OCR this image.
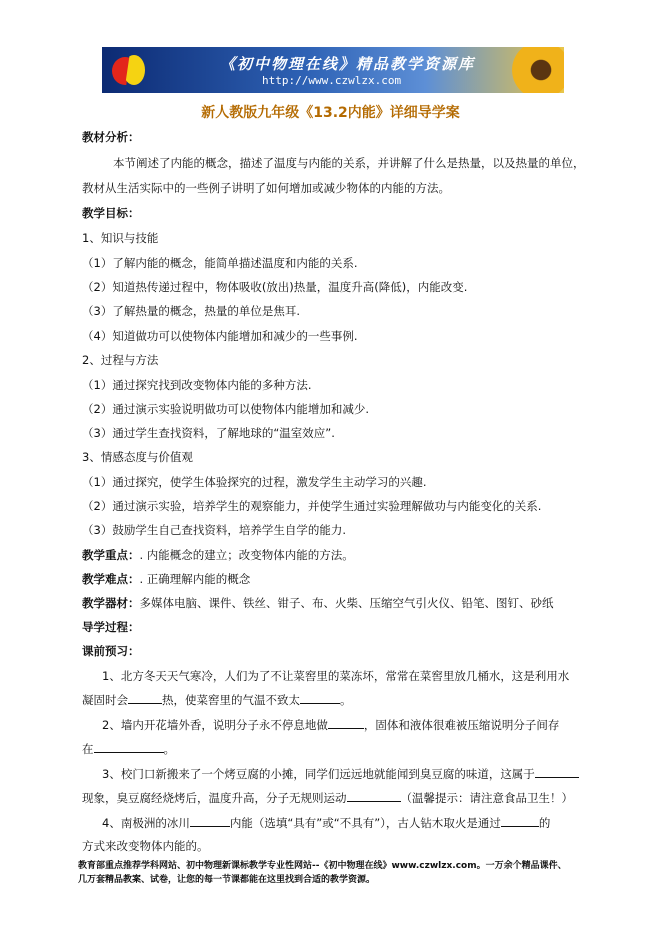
《初中物理在线》精品教学资源库
http://www.czwlzx.com
新人教版九年级《13.2内能》详细导学案
教材分析：
本节阐述了内能的概念，描述了温度与内能的关系，并讲解了什么是热量，以及热量的单位，
教材从生活实际中的一些例子讲明了如何增加或减少物体的内能的方法。
教学目标：
1、知识与技能
（1）了解内能的概念，能简单描述温度和内能的关系.
（2）知道热传递过程中，物体吸收(放出)热量，温度升高(降低)，内能改变.
（3）了解热量的概念，热量的单位是焦耳.
（4）知道做功可以使物体内能增加和减少的一些事例.
2、过程与方法
（1）通过探究找到改变物体内能的多种方法.
（2）通过演示实验说明做功可以使物体内能增加和减少.
（3）通过学生查找资料，了解地球的“温室效应”.
3、情感态度与价值观
（1）通过探究，使学生体验探究的过程，激发学生主动学习的兴趣.
（2）通过演示实验，培养学生的观察能力，并使学生通过实验理解做功与内能变化的关系.
（3）鼓励学生自己查找资料，培养学生自学的能力.
教学重点：. 内能概念的建立；改变物体内能的方法。
教学难点：. 正确理解内能的概念
教学器材：多媒体电脑、课件、铁丝、钳子、布、火柴、压缩空气引火仪、铅笔、图钉、砂纸
导学过程：
课前预习：
1、北方冬天天气寒冷，人们为了不让菜窖里的菜冻坏，常常在菜窖里放几桶水，这是利用水
凝固时会	热，使菜窖里的气温不致太	。
2、墙内开花墙外香，说明分子永不停息地做	，固体和液体很难被压缩说明分子间存
在	。
3、校门口新搬来了一个烤豆腐的小摊，同学们远远地就能闻到臭豆腐的味道，这属于
现象，臭豆腐经烧烤后，温度升高，分子无规则运动	（温馨提示：请注意食品卫生！）
4、南极洲的冰川	内能（选填“具有”或“不具有”），古人钻木取火是通过	的
方式来改变物体内能的。
教育部重点推荐学科网站、初中物理新课标教学专业性网站--《初中物理在线》www.czwlzx.com。一万余个精品课件、
几万套精品教案、试卷，让您的每一节课都能在这里找到合适的教学资源。
